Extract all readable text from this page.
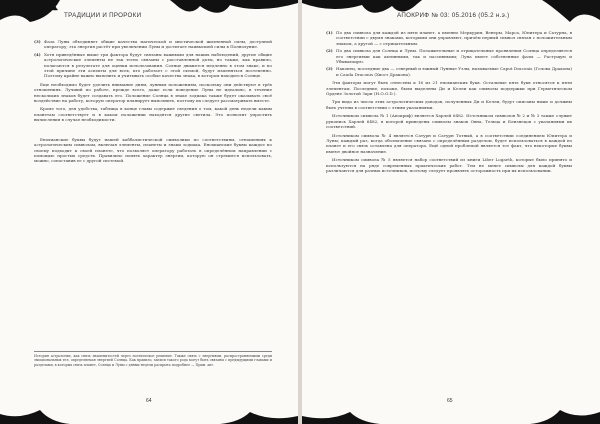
ТРАДИЦИИ И ПРОРОКИ
(3) Фаза Луны объединяет общие качества магической и мистической жизненной силы, доступной оператору; эта энергия растёт при увеличении Луны и достигает наивысшей силы в Полнолуние.
(4) Хотя приведённые выше три фактора будут связаны важными для наших наблюдений, другие общие астрологические элементы не так тесно связаны с расставленной даты, но также, как правило, полагаются в результате для оценки использования. Солнце движется медленно в этом знаке, и по этой причине эти аспекты для всех, кто работает с этой схемой, будут изменяться постепенно. Поэтому крайне важно выяснить и учитывать особые качества знака, в котором находится Солнце.
Еще необходимо будет уделить внимание дням, лунным положениям, поскольку они действуют в трёх отношениях. Лучший по работе, прежде всего, даже если поведение Луны не идеально, в течение нескольких знаков будет создавать его. Положение Солнца в знаке зодиака также будет оказывать своё воздействие на работу, которую оператор планирует выполнить, поэтому их следует рассматривать вместе.
Кроме того, для удобства, таблица в конце главы содержит сведения о том, какой день недели каким планетам соответствует и в каком положении находятся другие светила. Это позволит упростить вычисления в случае необходимости.
Енохианские буквы будут нашей каббалистической символики по соответствиям, отношениях к астрологическим символам, включая элементы, планеты и знаки зодиака. Енохианские буквы каждое по своему подходит к своей планете, что позволяет оператору работать в определённом направлении с помощью простых средств. Правильно понять характер энергии, которую он стремится использовать, можно, сопоставив ее с другой системой.
История астрологии, как связь знаменитостей через поэтическое решение. Также связь с энергиями, распространяемыми среди эмоциональных тел, определяемая энергией Солнца. Как правило, записи такого рода могут быть связаны с предыдущими главами и разделами, в которых связь планет, Солнца и Луны с днями недели раскрыта подробнее — Прим. авт.
64
АПОКРИФ № 03: 05.2016 (05.2 н.э.)
(1) По два символа для каждой из пяти планет, а именно Меркурия, Венеры, Марса, Юпитера и Сатурна, в соответствии с двумя знаками, которыми они управляют, причём первый символ связан с положительным знаком, а другой — с отрицательным.
(2) По два символа для Солнца и Луны. Положительные и отрицательные проявления Солнца определяются его энергиями как активными, так и пассивными; Луна имеет собственные фазы — Растущую и Убывающую.
(3) Наконец, последние два — северный и южный Лунные Узлы, называемые Caput Draconis (Голова Дракона) и Cauda Draconis (Хвост Дракона).
Эти факторы могут быть отнесены к 16 из 21 енохианских букв. Остальные пять букв относятся к пяти элементам. Последние, похоже, были выделены Ди и Келли как символы поддержки при Герметическом Ордене Золотой Зари (Н.О.G.D.).
Три вида из числа этих астрологических доводов, полученных Ди и Келли, будут описаны ниже и должны быть учтены в соответствии с этими указаниями.
Источником символа № 1 (Апокриф) является Харлей 6482. Источником символов № 2 и № 3 также служит рукопись Харлей 6482, в которой приведены символы знаков Овна, Тельца и Близнецов с указаниями их соответствий.
Источником символа № 4 является Сатурн и Сатурн Тотный, а в соответствии соединением Юпитера и Луны; каждый раз, когда обозначение связано с определённым разделом, будет использоваться в каждой из планет и его связь оставлена для оператора. Ещё одной проблемой является тот факт, что некоторые буквы имеют двойное назначение.
Источником символа № 5 является набор соответствий из книги Liber Logaeth, которые было принято и используются на ряде современных практических работ. Тем не менее символы для каждой буквы различаются для разных источников, поэтому следует проявлять осторожность при их использовании.
65
